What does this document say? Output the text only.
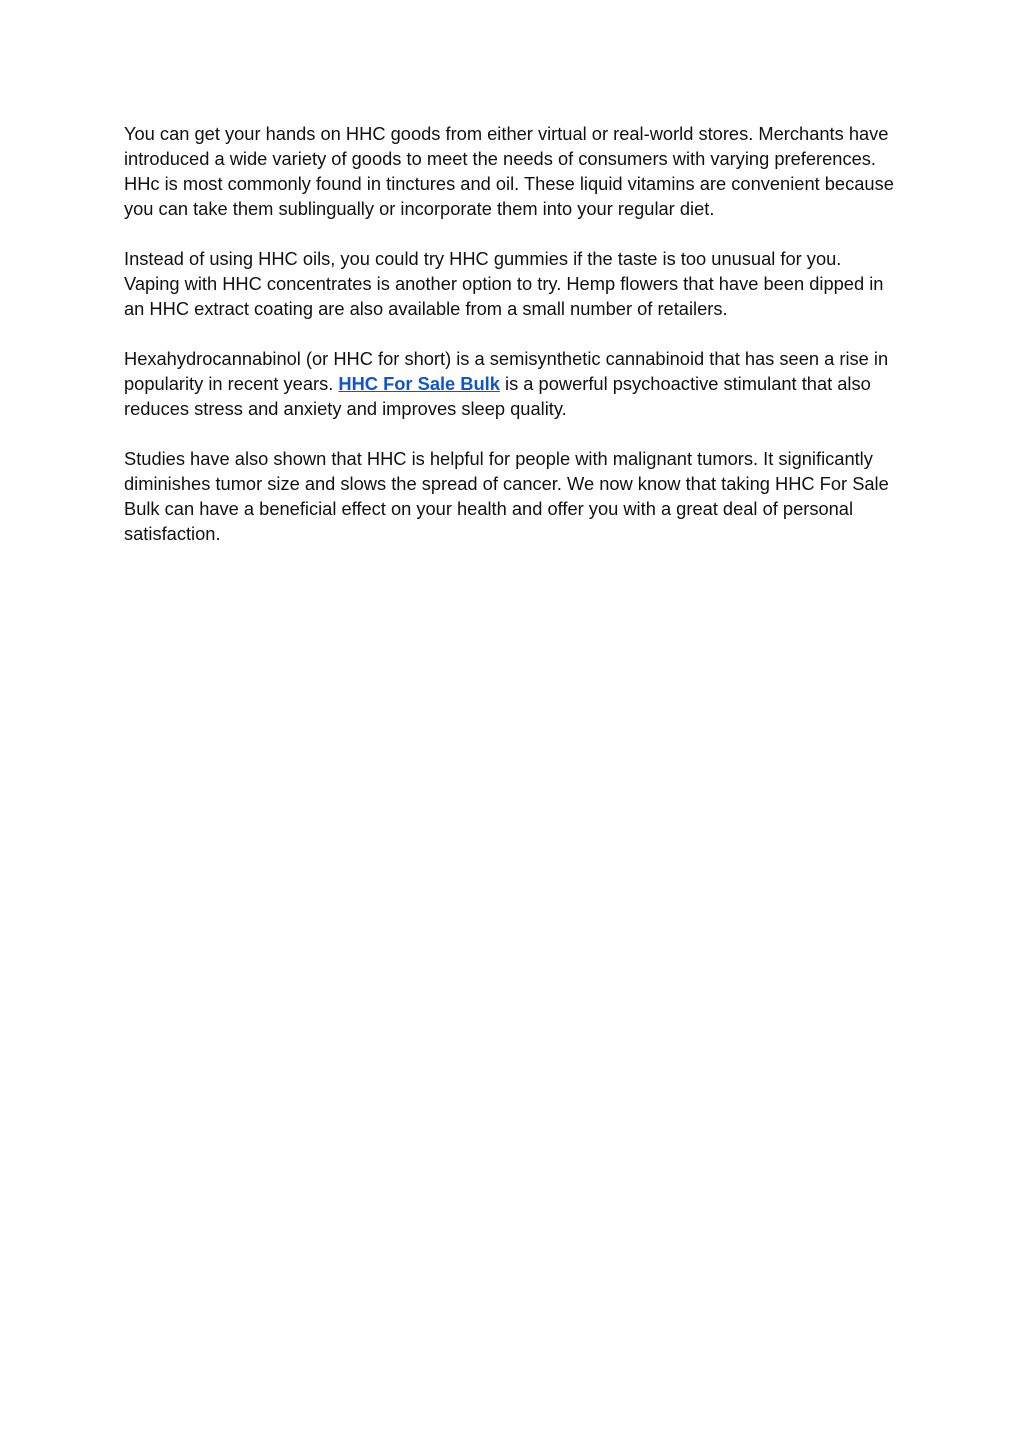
You can get your hands on HHC goods from either virtual or real-world stores. Merchants have introduced a wide variety of goods to meet the needs of consumers with varying preferences. HHc is most commonly found in tinctures and oil. These liquid vitamins are convenient because you can take them sublingually or incorporate them into your regular diet.

Instead of using HHC oils, you could try HHC gummies if the taste is too unusual for you. Vaping with HHC concentrates is another option to try. Hemp flowers that have been dipped in an HHC extract coating are also available from a small number of retailers.

Hexahydrocannabinol (or HHC for short) is a semisynthetic cannabinoid that has seen a rise in popularity in recent years. HHC For Sale Bulk is a powerful psychoactive stimulant that also reduces stress and anxiety and improves sleep quality.

Studies have also shown that HHC is helpful for people with malignant tumors. It significantly diminishes tumor size and slows the spread of cancer. We now know that taking HHC For Sale Bulk can have a beneficial effect on your health and offer you with a great deal of personal satisfaction.
